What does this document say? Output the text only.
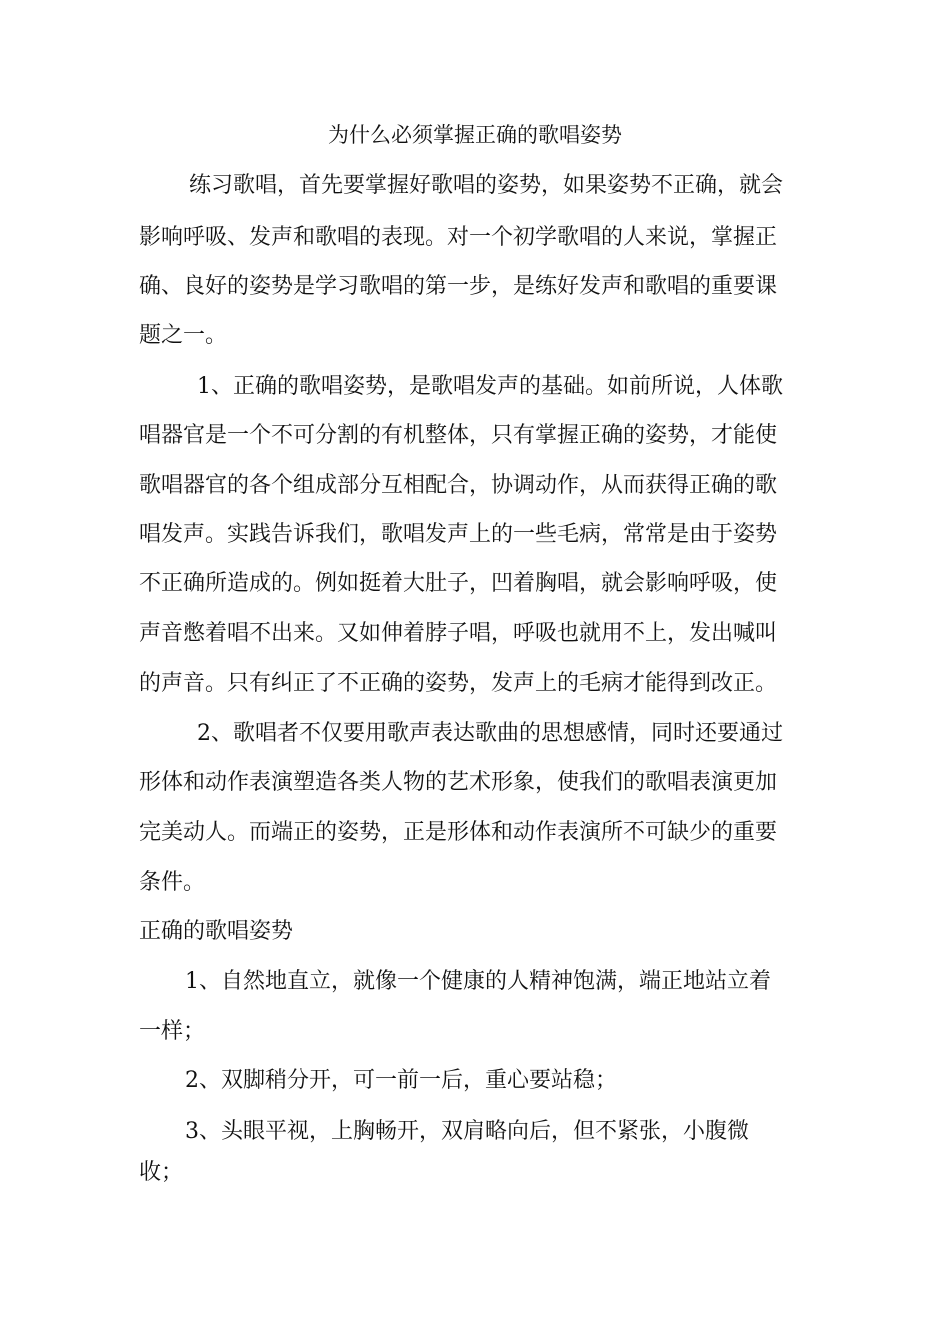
为什么必须掌握正确的歌唱姿势

练习歌唱，首先要掌握好歌唱的姿势，如果姿势不正确，就会

影响呼吸、发声和歌唱的表现。对一个初学歌唱的人来说，掌握正

确、良好的姿势是学习歌唱的第一步，是练好发声和歌唱的重要课

题之一。

1、正确的歌唱姿势，是歌唱发声的基础。如前所说，人体歌

唱器官是一个不可分割的有机整体，只有掌握正确的姿势，才能使

歌唱器官的各个组成部分互相配合，协调动作，从而获得正确的歌

唱发声。实践告诉我们，歌唱发声上的一些毛病，常常是由于姿势

不正确所造成的。例如挺着大肚子，凹着胸唱，就会影响呼吸，使

声音憋着唱不出来。又如伸着脖子唱，呼吸也就用不上，发出喊叫

的声音。只有纠正了不正确的姿势，发声上的毛病才能得到改正。

2、歌唱者不仅要用歌声表达歌曲的思想感情，同时还要通过

形体和动作表演塑造各类人物的艺术形象，使我们的歌唱表演更加

完美动人。而端正的姿势，正是形体和动作表演所不可缺少的重要

条件。

正确的歌唱姿势

1、自然地直立，就像一个健康的人精神饱满，端正地站立着

一样；

2、双脚稍分开，可一前一后，重心要站稳；

3、头眼平视，上胸畅开，双肩略向后，但不紧张，小腹微

收；
